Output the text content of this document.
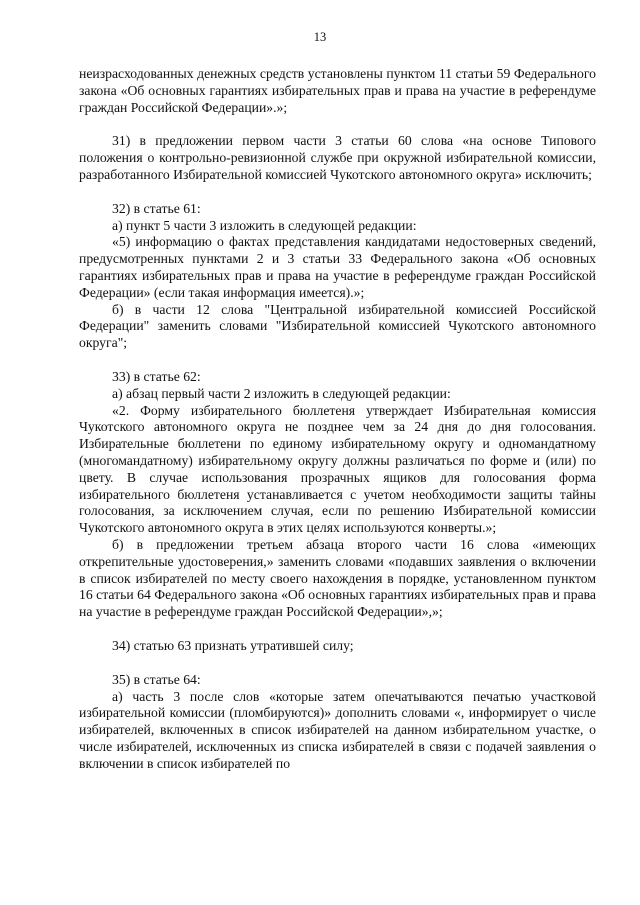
13

неизрасходованных денежных средств установлены пунктом 11 статьи 59 Федерального закона «Об основных гарантиях избирательных прав и права на участие в референдуме граждан Российской Федерации».»;

31) в предложении первом части 3 статьи 60 слова «на основе Типового положения о контрольно-ревизионной службе при окружной избирательной комиссии, разработанного Избирательной комиссией Чукотского автономного округа» исключить;

32) в статье 61:

а) пункт 5 части 3 изложить в следующей редакции:

«5) информацию о фактах представления кандидатами недостоверных сведений, предусмотренных пунктами 2 и 3 статьи 33 Федерального закона «Об основных гарантиях избирательных прав и права на участие в референдуме граждан Российской Федерации» (если такая информация имеется).»;

б) в части 12 слова "Центральной избирательной комиссией Российской Федерации" заменить словами "Избирательной комиссией Чукотского автономного округа";

33) в статье 62:

а) абзац первый части 2 изложить в следующей редакции:

«2. Форму избирательного бюллетеня утверждает Избирательная комиссия Чукотского автономного округа не позднее чем за 24 дня до дня голосования. Избирательные бюллетени по единому избирательному округу и одномандатному (многомандатному) избирательному округу должны различаться по форме и (или) по цвету. В случае использования прозрачных ящиков для голосования форма избирательного бюллетеня устанавливается с учетом необходимости защиты тайны голосования, за исключением случая, если по решению Избирательной комиссии Чукотского автономного округа в этих целях используются конверты.»;

б) в предложении третьем абзаца второго части 16 слова «имеющих открепительные удостоверения,» заменить словами «подавших заявления о включении в список избирателей по месту своего нахождения в порядке, установленном пунктом 16 статьи 64 Федерального закона «Об основных гарантиях избирательных прав и права на участие в референдуме граждан Российской Федерации»,»;

34) статью 63 признать утратившей силу;

35) в статье 64:

а) часть 3 после слов «которые затем опечатываются печатью участковой избирательной комиссии (пломбируются)» дополнить словами «, информирует о числе избирателей, включенных в список избирателей на данном избирательном участке, о числе избирателей, исключенных из списка избирателей в связи с подачей заявления о включении в список избирателей по
